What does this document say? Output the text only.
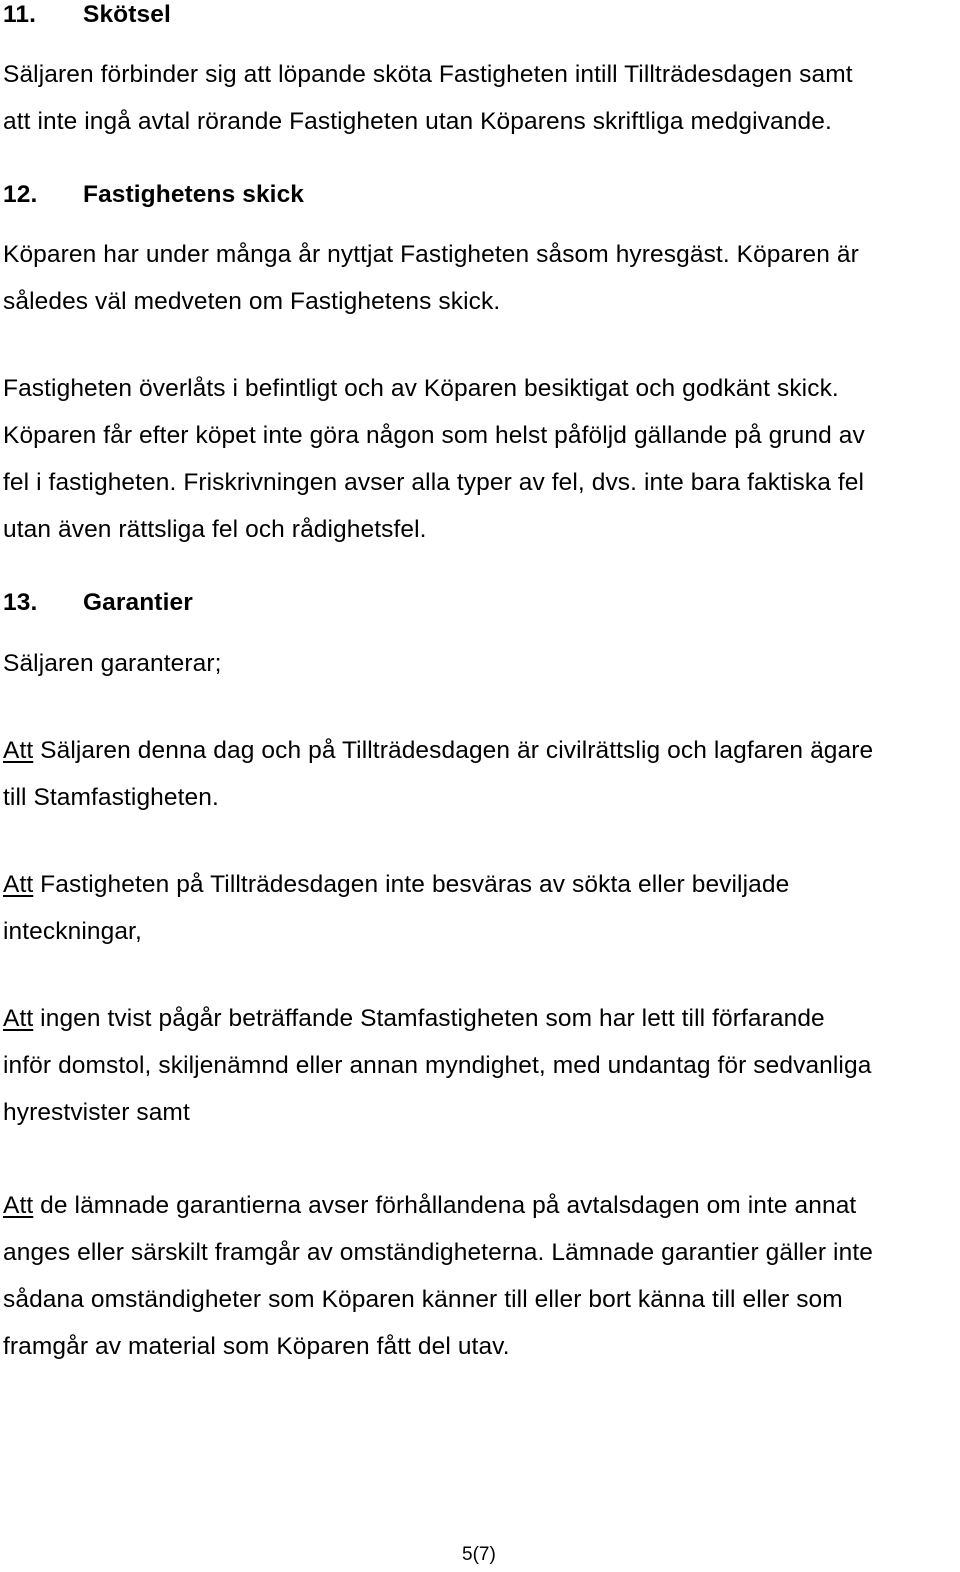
11. Skötsel
Säljaren förbinder sig att löpande sköta Fastigheten intill Tillträdesdagen samt
att inte ingå avtal rörande Fastigheten utan Köparens skriftliga medgivande.
12. Fastighetens skick
Köparen har under många år nyttjat Fastigheten såsom hyresgäst. Köparen är
således väl medveten om Fastighetens skick.
Fastigheten överlåts i befintligt och av Köparen besiktigat och godkänt skick.
Köparen får efter köpet inte göra någon som helst påföljd gällande på grund av
fel i fastigheten. Friskrivningen avser alla typer av fel, dvs. inte bara faktiska fel
utan även rättsliga fel och rådighetsfel.
13. Garantier
Säljaren garanterar;
Att Säljaren denna dag och på Tillträdesdagen är civilrättslig och lagfaren ägare
till Stamfastigheten.
Att Fastigheten på Tillträdesdagen inte besväras av sökta eller beviljade
inteckningar,
Att ingen tvist pågår beträffande Stamfastigheten som har lett till förfarande
inför domstol, skiljenämnd eller annan myndighet, med undantag för sedvanliga
hyrestvister samt
Att de lämnade garantierna avser förhållandena på avtalsdagen om inte annat
anges eller särskilt framgår av omständigheterna. Lämnade garantier gäller inte
sådana omständigheter som Köparen känner till eller bort känna till eller som
framgår av material som Köparen fått del utav.
5(7)
